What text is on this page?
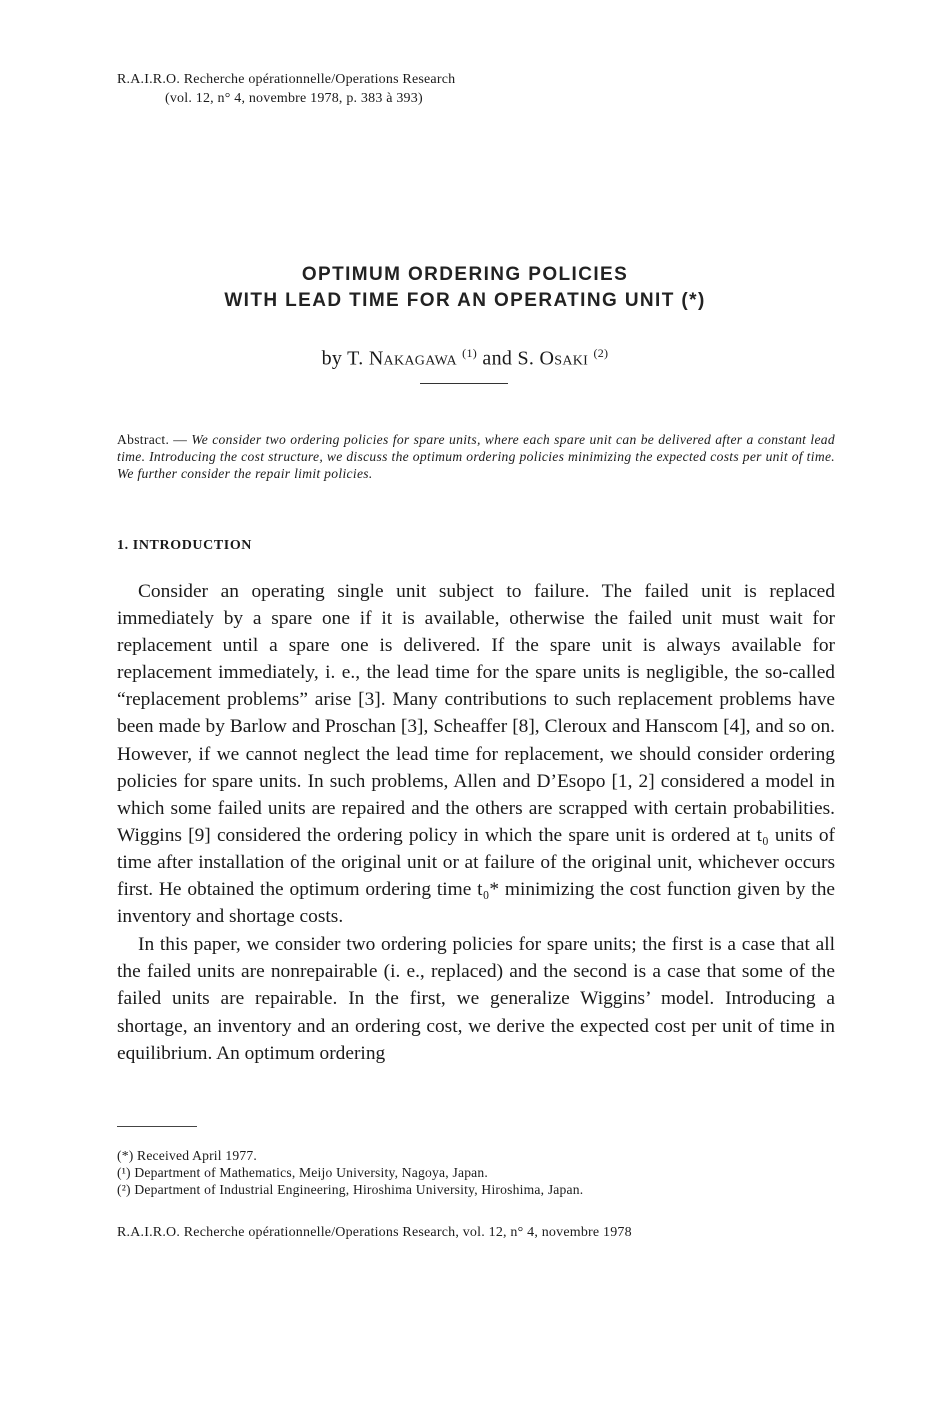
R.A.I.R.O. Recherche opérationnelle/Operations Research
(vol. 12, n° 4, novembre 1978, p. 383 à 393)
OPTIMUM ORDERING POLICIES
WITH LEAD TIME FOR AN OPERATING UNIT (*)
by T. Nakagawa $^{(1)}$ and S. Osaki $^{(2)}$
Abstract. — We consider two ordering policies for spare units, where each spare unit can be delivered after a constant lead time. Introducing the cost structure, we discuss the optimum ordering policies minimizing the expected costs per unit of time. We further consider the repair limit policies.
1. INTRODUCTION

Consider an operating single unit subject to failure. The failed unit is replaced immediately by a spare one if it is available, otherwise the failed unit must wait for replacement until a spare one is delivered. If the spare unit is always available for replacement immediately, i. e., the lead time for the spare units is negligible, the so-called “replacement problems” arise [3]. Many contributions to such replacement problems have been made by Barlow and Proschan [3], Scheaffer [8], Cleroux and Hanscom [4], and so on. However, if we cannot neglect the lead time for replacement, we should consider ordering policies for spare units. In such problems, Allen and D’Esopo [1, 2] considered a model in which some failed units are repaired and the others are scrapped with certain probabilities. Wiggins [9] considered the ordering policy in which the spare unit is ordered at t₀ units of time after installation of the original unit or at failure of the original unit, whichever occurs first. He obtained the optimum ordering time t₀* minimizing the cost function given by the inventory and shortage costs.

In this paper, we consider two ordering policies for spare units; the first is a case that all the failed units are nonrepairable (i. e., replaced) and the second is a case that some of the failed units are repairable. In the first, we generalize Wiggins’ model. Introducing a shortage, an inventory and an ordering cost, we derive the expected cost per unit of time in equilibrium. An optimum ordering

(*) Received April 1977.
(¹) Department of Mathematics, Meijo University, Nagoya, Japan.
(²) Department of Industrial Engineering, Hiroshima University, Hiroshima, Japan.
R.A.I.R.O. Recherche opérationnelle/Operations Research, vol. 12, n° 4, novembre 1978
